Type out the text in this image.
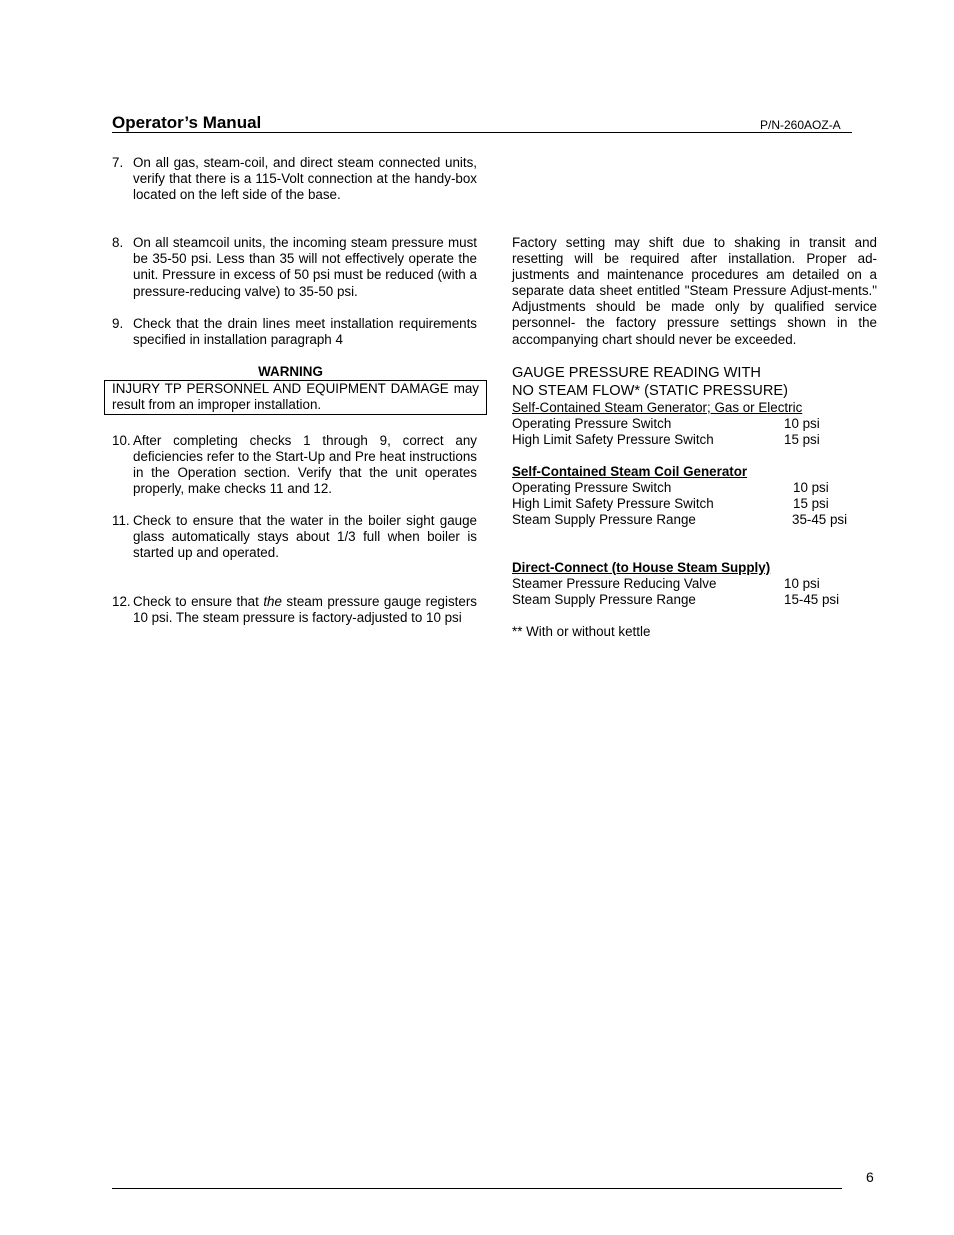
Operator’s Manual	P/N-260AOZ-A
7. On all gas, steam-coil, and direct steam connected units, verify that there is a 115-Volt connection at the handy-box located on the left side of the base.
8. On all steamcoil units, the incoming steam pressure must be 35-50 psi. Less than 35 will not effectively operate the unit. Pressure in excess of 50 psi must be reduced (with a pressure-reducing valve) to 35-50 psi.
9. Check that the drain lines meet installation requirements specified in installation paragraph 4
WARNING
INJURY TP PERSONNEL AND EQUIPMENT DAMAGE may result from an improper installation.
10. After completing checks 1 through 9, correct any deficiencies refer to the Start-Up and Pre heat instructions in the Operation section. Verify that the unit operates properly, make checks 11 and 12.
11. Check to ensure that the water in the boiler sight gauge glass automatically stays about 1/3 full when boiler is started up and operated.
12. Check to ensure that the steam pressure gauge registers 10 psi. The steam pressure is factory-adjusted to 10 psi
Factory setting may shift due to shaking in transit and resetting will be required after installation. Proper ad-justments and maintenance procedures am detailed on a separate data sheet entitled "Steam Pressure Adjust-ments." Adjustments should be made only by qualified service personnel- the factory pressure settings shown in the accompanying chart should never be exceeded.
GAUGE PRESSURE READING WITH
NO STEAM FLOW* (STATIC PRESSURE)
Self-Contained Steam Generator; Gas or Electric
Operating Pressure Switch	10 psi
High Limit Safety Pressure Switch	15 psi
Self-Contained Steam Coil Generator
Operating Pressure Switch	10 psi
High Limit Safety Pressure Switch	15 psi
Steam Supply Pressure Range	35-45 psi
Direct-Connect (to House Steam Supply)
Steamer Pressure Reducing Valve	10 psi
Steam Supply Pressure Range	15-45 psi
** With or without kettle
6
